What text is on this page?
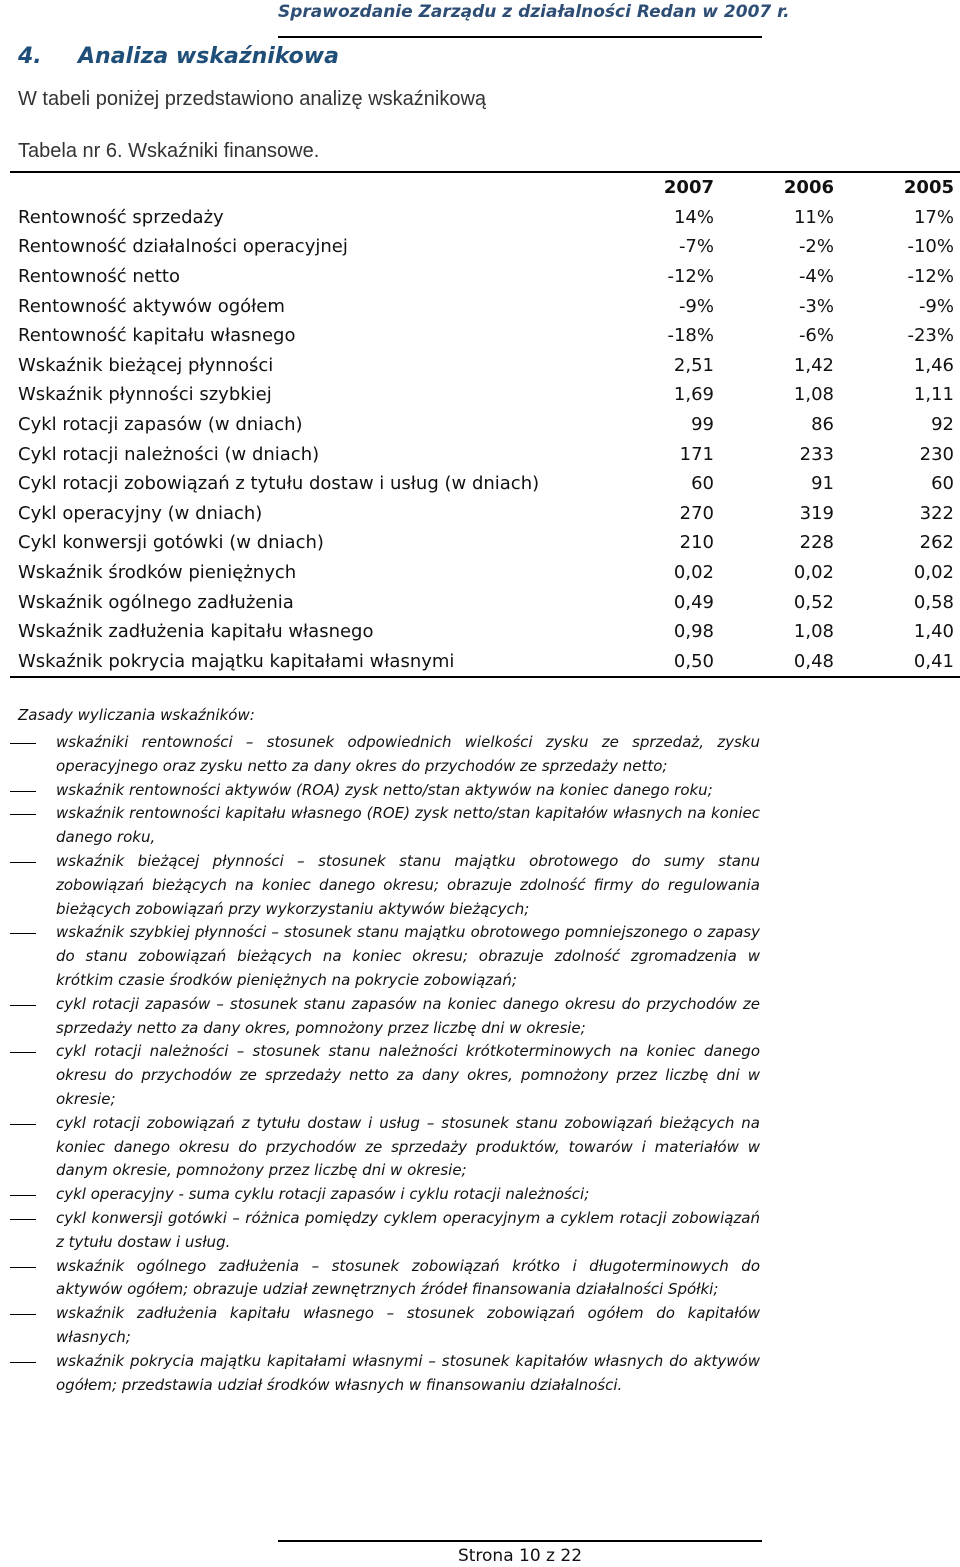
Sprawozdanie Zarządu z działalności Redan w 2007 r.
4. Analiza wskaźnikowa
W tabeli poniżej przedstawiono analizę wskaźnikową
Tabela nr 6. Wskaźniki finansowe.
	2007	2006	2005
Rentowność sprzedaży	14%	11%	17%
Rentowność działalności operacyjnej	-7%	-2%	-10%
Rentowność netto	-12%	-4%	-12%
Rentowność aktywów ogółem	-9%	-3%	-9%
Rentowność kapitału własnego	-18%	-6%	-23%
Wskaźnik bieżącej płynności	2,51	1,42	1,46
Wskaźnik płynności szybkiej	1,69	1,08	1,11
Cykl rotacji zapasów (w dniach)	99	86	92
Cykl rotacji należności (w dniach)	171	233	230
Cykl rotacji zobowiązań z tytułu dostaw i usług (w dniach)	60	91	60
Cykl operacyjny (w dniach)	270	319	322
Cykl konwersji gotówki (w dniach)	210	228	262
Wskaźnik środków pieniężnych	0,02	0,02	0,02
Wskaźnik ogólnego zadłużenia	0,49	0,52	0,58
Wskaźnik zadłużenia kapitału własnego	0,98	1,08	1,40
Wskaźnik pokrycia majątku kapitałami własnymi	0,50	0,48	0,41
Zasady wyliczania wskaźników:
wskaźniki rentowności – stosunek odpowiednich wielkości zysku ze sprzedaż, zysku operacyjnego oraz zysku netto za dany okres do przychodów ze sprzedaży netto;
wskaźnik rentowności aktywów (ROA) zysk netto/stan aktywów na koniec danego roku;
wskaźnik rentowności kapitału własnego (ROE) zysk netto/stan kapitałów własnych na koniec danego roku,
wskaźnik bieżącej płynności – stosunek stanu majątku obrotowego do sumy stanu zobowiązań bieżących na koniec danego okresu; obrazuje zdolność firmy do regulowania bieżących zobowiązań przy wykorzystaniu aktywów bieżących;
wskaźnik szybkiej płynności – stosunek stanu majątku obrotowego pomniejszonego o zapasy do stanu zobowiązań bieżących na koniec okresu; obrazuje zdolność zgromadzenia w krótkim czasie środków pieniężnych na pokrycie zobowiązań;
cykl rotacji zapasów – stosunek stanu zapasów na koniec danego okresu do przychodów ze sprzedaży netto za dany okres, pomnożony przez liczbę dni w okresie;
cykl rotacji należności – stosunek stanu należności krótkoterminowych na koniec danego okresu do przychodów ze sprzedaży netto za dany okres, pomnożony przez liczbę dni w okresie;
cykl rotacji zobowiązań z tytułu dostaw i usług – stosunek stanu zobowiązań bieżących na koniec danego okresu do przychodów ze sprzedaży produktów, towarów i materiałów w danym okresie, pomnożony przez liczbę dni w okresie;
cykl operacyjny - suma cyklu rotacji zapasów i cyklu rotacji należności;
cykl konwersji gotówki – różnica pomiędzy cyklem operacyjnym a cyklem rotacji zobowiązań z tytułu dostaw i usług.
wskaźnik ogólnego zadłużenia – stosunek zobowiązań krótko i długoterminowych do aktywów ogółem; obrazuje udział zewnętrznych źródeł finansowania działalności Spółki;
wskaźnik zadłużenia kapitału własnego – stosunek zobowiązań ogółem do kapitałów własnych;
wskaźnik pokrycia majątku kapitałami własnymi – stosunek kapitałów własnych do aktywów ogółem; przedstawia udział środków własnych w finansowaniu działalności.
Strona 10 z 22
